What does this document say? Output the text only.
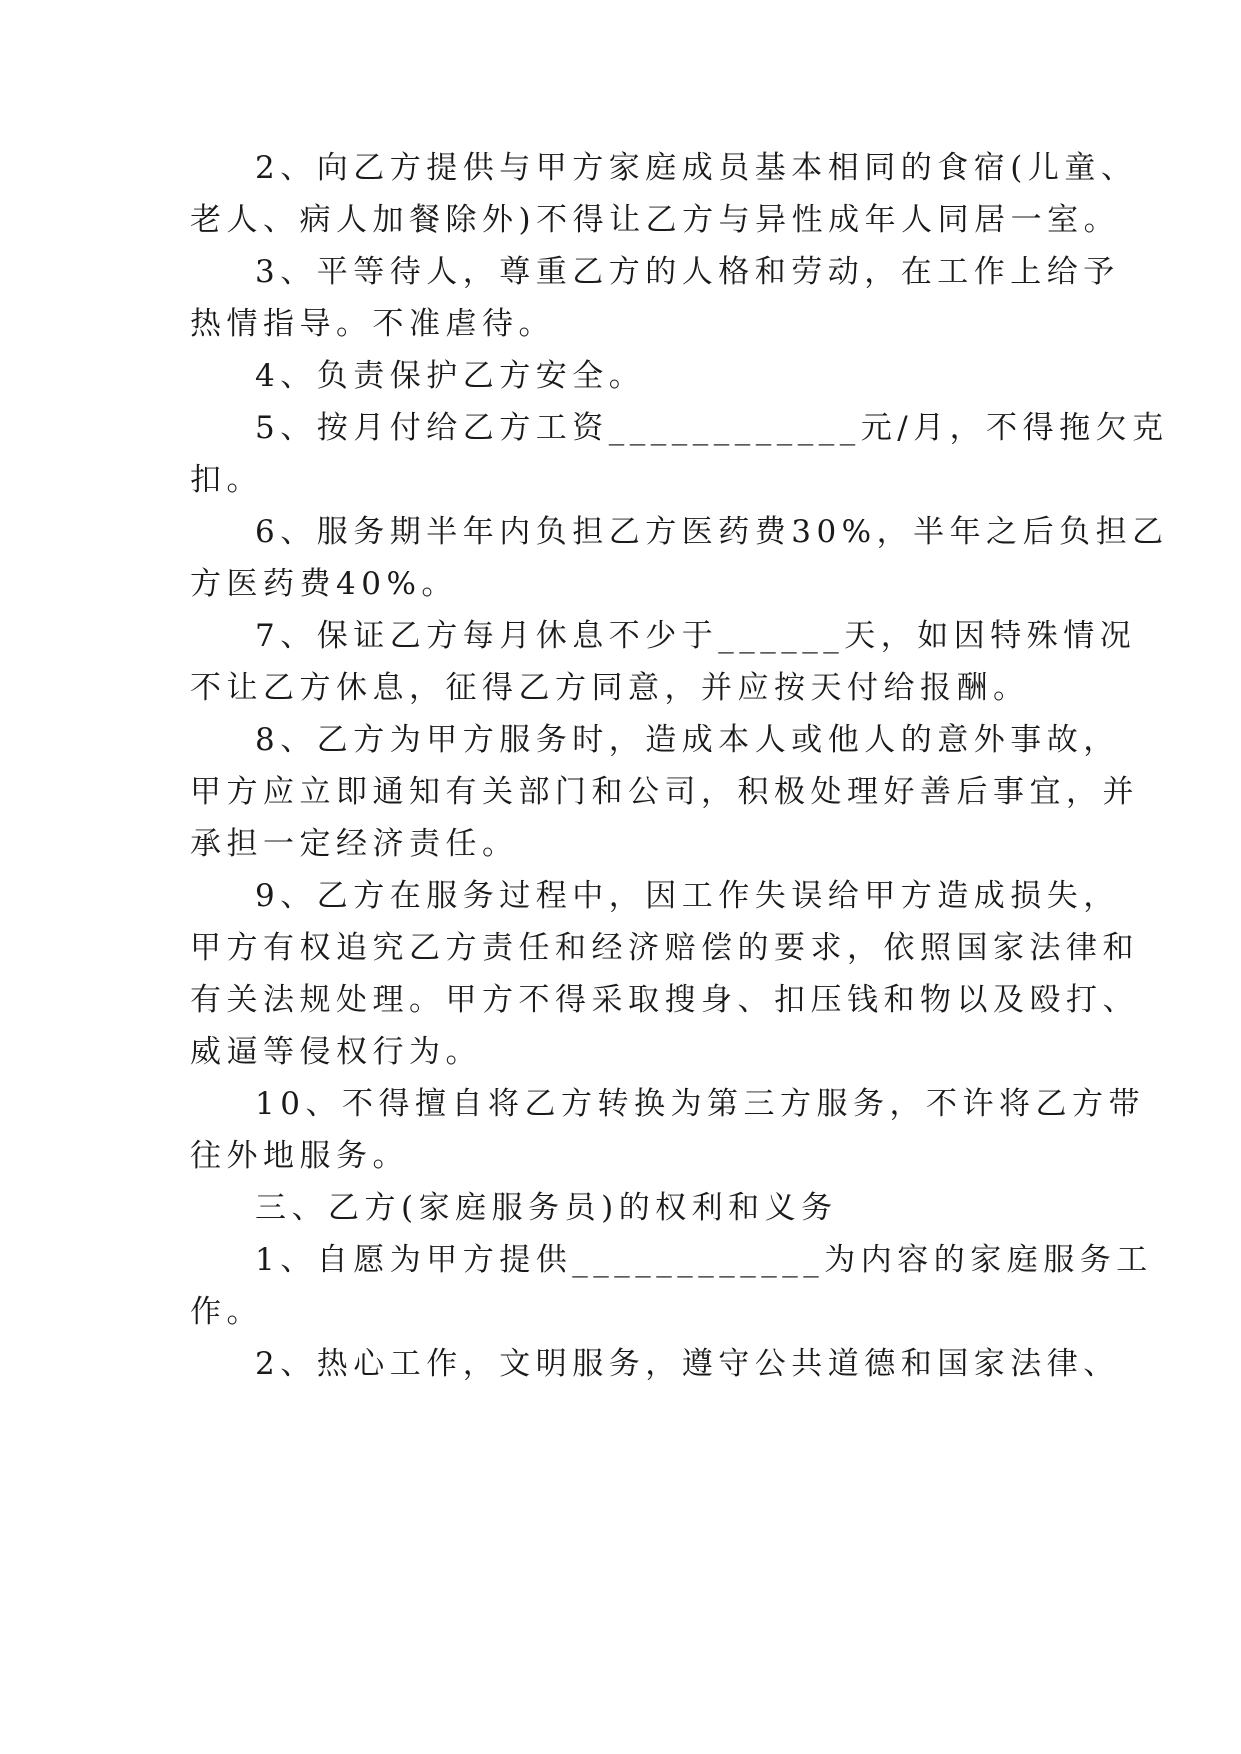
2、向乙方提供与甲方家庭成员基本相同的食宿(儿童、
老人、病人加餐除外)不得让乙方与异性成年人同居一室。
3、平等待人，尊重乙方的人格和劳动，在工作上给予
热情指导。不准虐待。
4、负责保护乙方安全。
5、按月付给乙方工资____________元/月，不得拖欠克
扣。
6、服务期半年内负担乙方医药费30%，半年之后负担乙
方医药费40%。
7、保证乙方每月休息不少于______天，如因特殊情况
不让乙方休息，征得乙方同意，并应按天付给报酬。
8、乙方为甲方服务时，造成本人或他人的意外事故，
甲方应立即通知有关部门和公司，积极处理好善后事宜，并
承担一定经济责任。
9、乙方在服务过程中，因工作失误给甲方造成损失，
甲方有权追究乙方责任和经济赔偿的要求，依照国家法律和
有关法规处理。甲方不得采取搜身、扣压钱和物以及殴打、
威逼等侵权行为。
10、不得擅自将乙方转换为第三方服务，不许将乙方带
往外地服务。
三、乙方(家庭服务员)的权利和义务
1、自愿为甲方提供____________为内容的家庭服务工
作。
2、热心工作，文明服务，遵守公共道德和国家法律、
